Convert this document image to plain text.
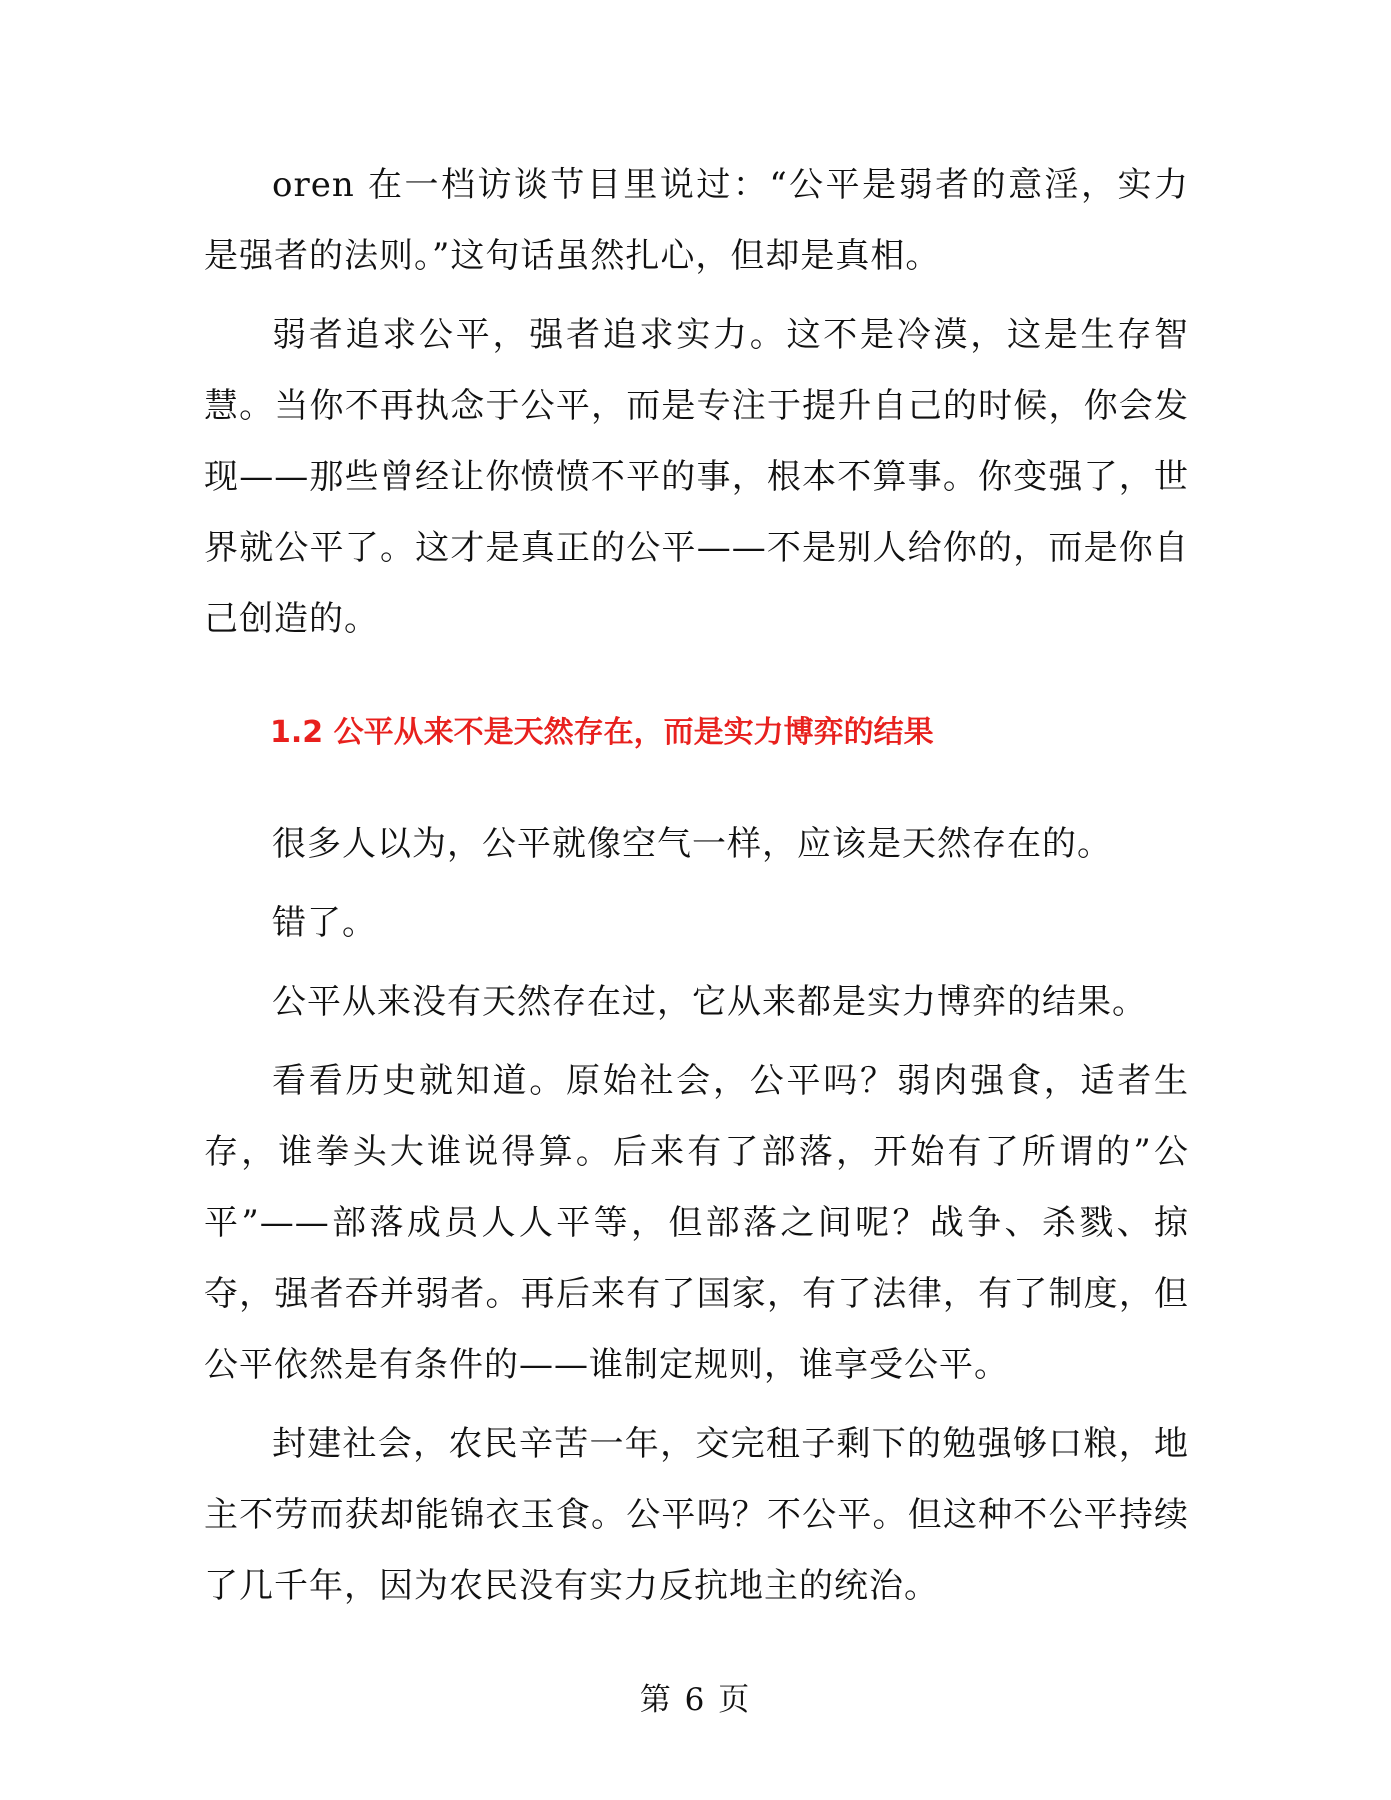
oren 在一档访谈节目里说过：“公平是弱者的意淫，实力是强者的法则。”这句话虽然扎心，但却是真相。

弱者追求公平，强者追求实力。这不是冷漠，这是生存智慧。当你不再执念于公平，而是专注于提升自己的时候，你会发现——那些曾经让你愤愤不平的事，根本不算事。你变强了，世界就公平了。这才是真正的公平——不是别人给你的，而是你自己创造的。

1.2 公平从来不是天然存在，而是实力博弈的结果

很多人以为，公平就像空气一样，应该是天然存在的。

错了。

公平从来没有天然存在过，它从来都是实力博弈的结果。

看看历史就知道。原始社会，公平吗？弱肉强食，适者生存，谁拳头大谁说得算。后来有了部落，开始有了所谓的”公平”——部落成员人人平等，但部落之间呢？战争、杀戮、掠夺，强者吞并弱者。再后来有了国家，有了法律，有了制度，但公平依然是有条件的——谁制定规则，谁享受公平。

封建社会，农民辛苦一年，交完租子剩下的勉强够口粮，地主不劳而获却能锦衣玉食。公平吗？不公平。但这种不公平持续了几千年，因为农民没有实力反抗地主的统治。

第 6 页
